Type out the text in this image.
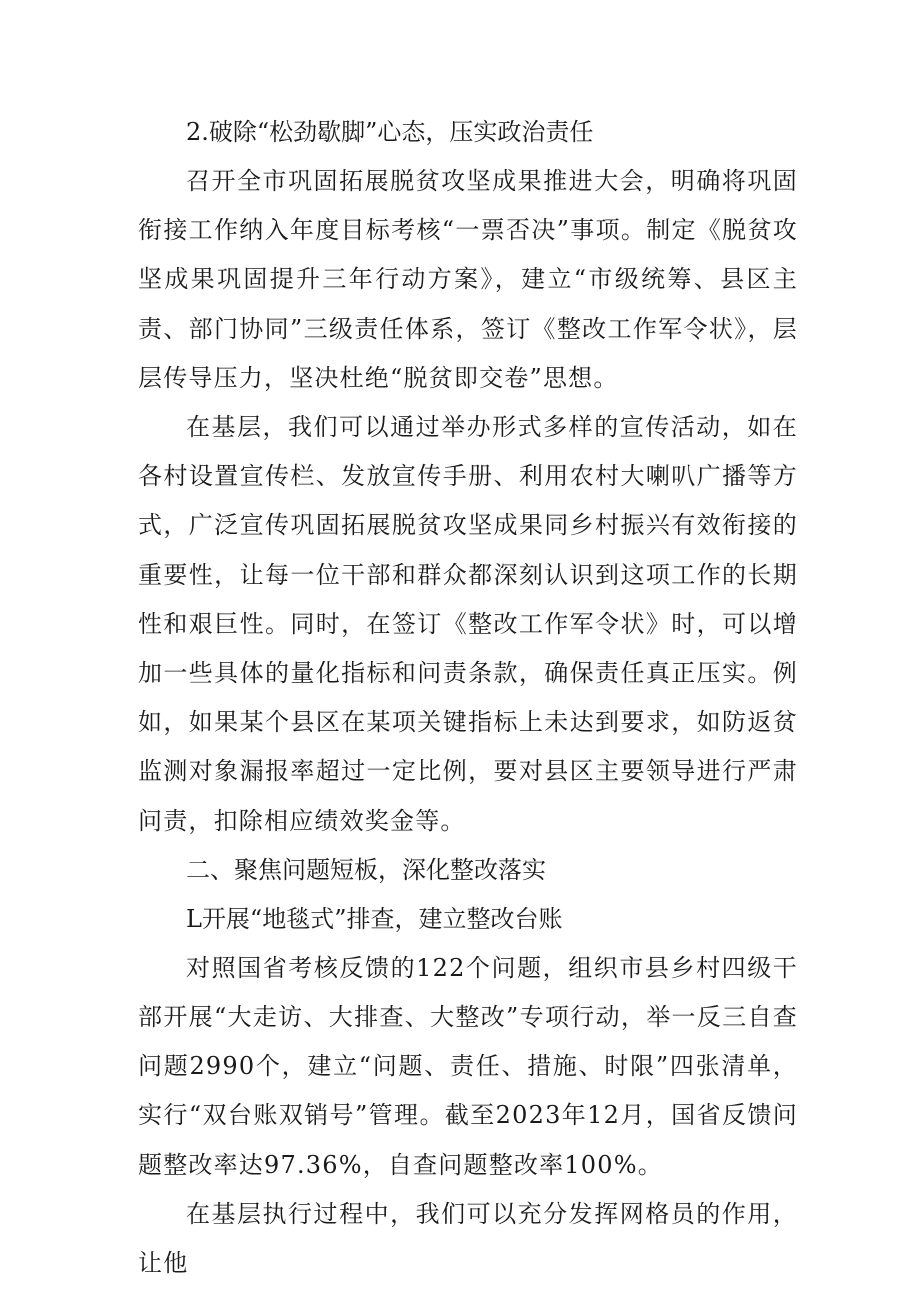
2.破除“松劲歇脚”心态，压实政治责任

召开全市巩固拓展脱贫攻坚成果推进大会，明确将巩固衔接工作纳入年度目标考核“一票否决”事项。制定《脱贫攻坚成果巩固提升三年行动方案》，建立“市级统筹、县区主责、部门协同”三级责任体系，签订《整改工作军令状》，层层传导压力，坚决杜绝“脱贫即交卷”思想。

在基层，我们可以通过举办形式多样的宣传活动，如在各村设置宣传栏、发放宣传手册、利用农村大喇叭广播等方式，广泛宣传巩固拓展脱贫攻坚成果同乡村振兴有效衔接的重要性，让每一位干部和群众都深刻认识到这项工作的长期性和艰巨性。同时，在签订《整改工作军令状》时，可以增加一些具体的量化指标和问责条款，确保责任真正压实。例如，如果某个县区在某项关键指标上未达到要求，如防返贫监测对象漏报率超过一定比例，要对县区主要领导进行严肃问责，扣除相应绩效奖金等。

二、聚焦问题短板，深化整改落实

L开展“地毯式”排查，建立整改台账

对照国省考核反馈的122个问题，组织市县乡村四级干部开展“大走访、大排查、大整改”专项行动，举一反三自查问题2990个，建立“问题、责任、措施、时限”四张清单，实行“双台账双销号”管理。截至2023年12月，国省反馈问题整改率达97.36%，自查问题整改率100%。

在基层执行过程中，我们可以充分发挥网格员的作用，让他
